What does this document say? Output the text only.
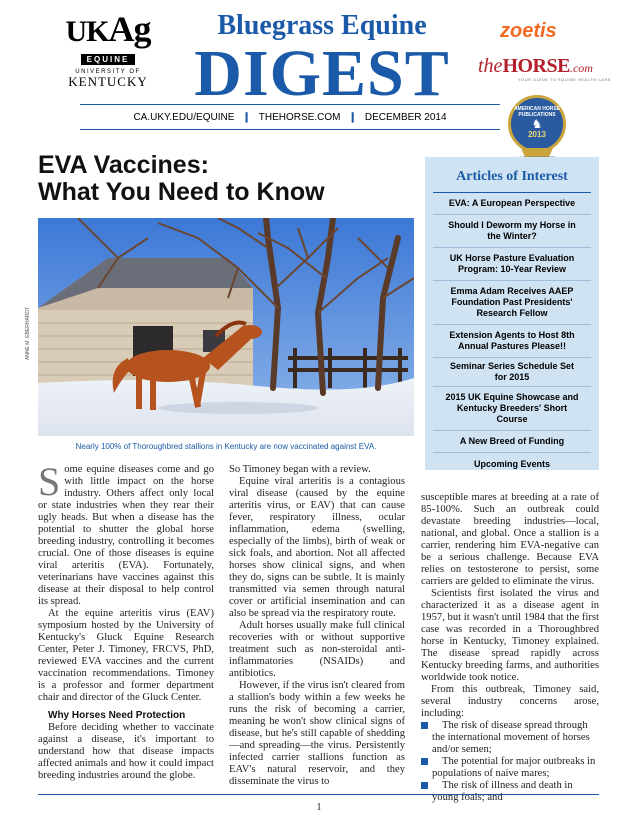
UKAg
EQUINE
UNIVERSITY OF
KENTUCKY
Bluegrass Equine
DIGEST
zoetis
theHORSE.com
YOUR GUIDE TO EQUINE HEALTH CARE
AMERICAN HORSE
PUBLICATIONS
♞
2013
CA.UKY.EDU/EQUINE ❙ THEHORSE.COM ❙ DECEMBER 2014
EVA Vaccines:
What You Need to Know
ANNE M. EBERHARDT
Nearly 100% of Thoroughbred stallions in Kentucky are now vaccinated against EVA.
Articles of Interest
EVA: A European Perspective
Should I Deworm my Horse in the Winter?
UK Horse Pasture Evaluation Program: 10-Year Review
Emma Adam Receives AAEP Foundation Past Presidents' Research Fellow
Extension Agents to Host 8th Annual Pastures Please!!
Seminar Series Schedule Set for 2015
2015 UK Equine Showcase and Kentucky Breeders' Short Course
A New Breed of Funding
Upcoming Events

Some equine diseases come and go with little impact on the horse industry. Others affect only local or state industries when they rear their ugly heads. But when a disease has the potential to shutter the global horse breeding industry, controlling it becomes crucial. One of those diseases is equine viral arteritis (EVA). Fortunately, veterinarians have vaccines against this disease at their disposal to help control its spread.

At the equine arteritis virus (EAV) symposium hosted by the University of Kentucky's Gluck Equine Research Center, Peter J. Timoney, FRCVS, PhD, reviewed EVA vaccines and the current vaccination recommendations. Timoney is a professor and former department chair and director of the Gluck Center.

Why Horses Need Protection

Before deciding whether to vaccinate against a disease, it's important to understand how that disease impacts affected animals and how it could impact breeding industries around the globe.

So Timoney began with a review.

Equine viral arteritis is a contagious viral disease (caused by the equine arteritis virus, or EAV) that can cause fever, respiratory illness, ocular inflammation, edema (swelling, especially of the limbs), birth of weak or sick foals, and abortion. Not all affected horses show clinical signs, and when they do, signs can be subtle. It is mainly transmitted via semen through natural cover or artificial insemination and can also be spread via the respiratory route.

Adult horses usually make full clinical recoveries with or without supportive treatment such as non-steroidal anti-inflammatories (NSAIDs) and antibiotics.

However, if the virus isn't cleared from a stallion's body within a few weeks he runs the risk of becoming a carrier, meaning he won't show clinical signs of disease, but he's still capable of shedding—and spreading—the virus. Persistently infected carrier stallions function as EAV's natural reservoir, and they disseminate the virus to

susceptible mares at breeding at a rate of 85-100%. Such an outbreak could devastate breeding industries—local, national, and global. Once a stallion is a carrier, rendering him EVA-negative can be a serious challenge. Because EVA relies on testosterone to persist, some carriers are gelded to eliminate the virus.

Scientists first isolated the virus and characterized it as a disease agent in 1957, but it wasn't until 1984 that the first case was recorded in a Thoroughbred horse in Kentucky, Timoney explained. The disease spread rapidly across Kentucky breeding farms, and authorities worldwide took notice.

From this outbreak, Timoney said, several industry concerns arose, including:

The risk of disease spread through the international movement of horses and/or semen;

The potential for major outbreaks in populations of naive mares;

The risk of illness and death in young foals; and

1
